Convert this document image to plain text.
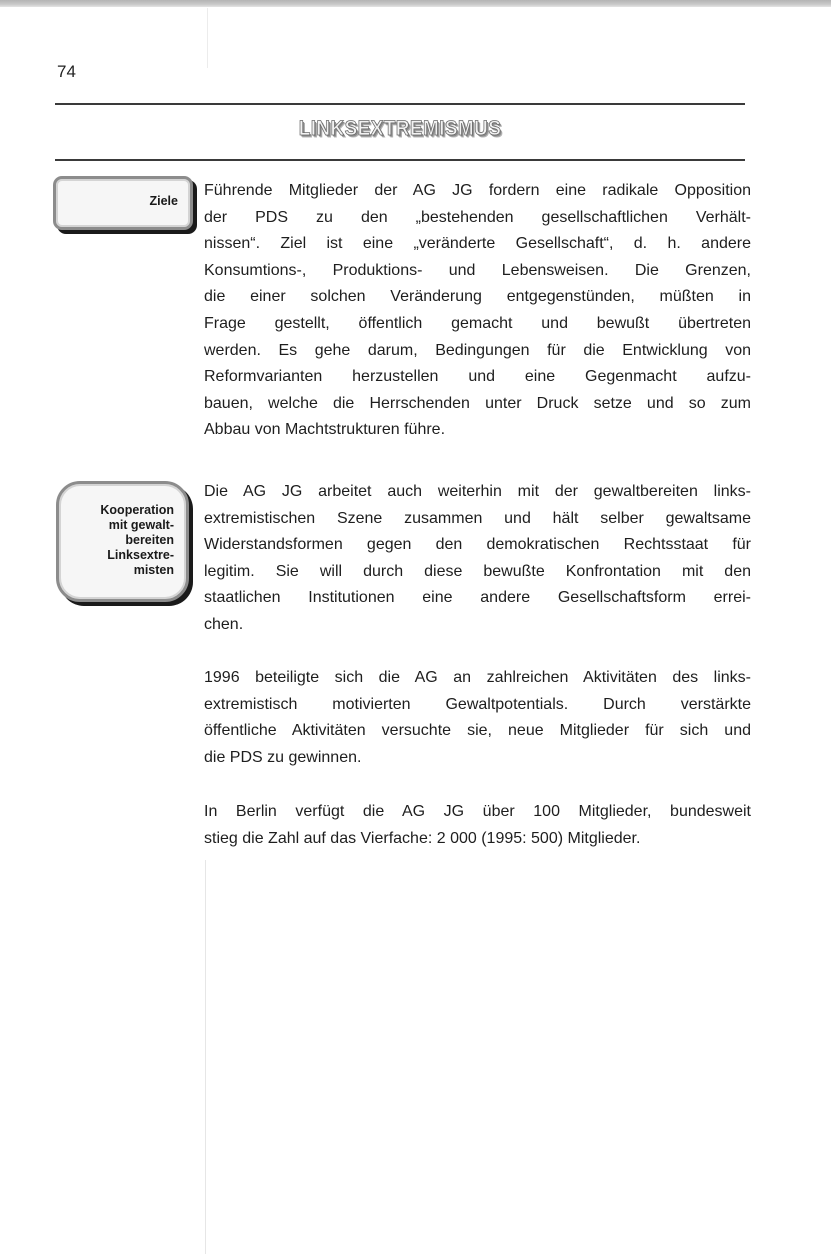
74
LINKSEXTREMISMUS
Ziele
Kooperation
mit gewalt-
bereiten
Linksextre-
misten
Führende Mitglieder der AG JG fordern eine radikale Opposition
der PDS zu den „bestehenden gesellschaftlichen Verhält-
nissen“. Ziel ist eine „veränderte Gesellschaft“, d. h. andere
Konsumtions-, Produktions- und Lebensweisen. Die Grenzen,
die einer solchen Veränderung entgegenstünden, müßten in
Frage gestellt, öffentlich gemacht und bewußt übertreten
werden. Es gehe darum, Bedingungen für die Entwicklung von
Reformvarianten herzustellen und eine Gegenmacht aufzu-
bauen, welche die Herrschenden unter Druck setze und so zum
Abbau von Machtstrukturen führe.
Die AG JG arbeitet auch weiterhin mit der gewaltbereiten links-
extremistischen Szene zusammen und hält selber gewaltsame
Widerstandsformen gegen den demokratischen Rechtsstaat für
legitim. Sie will durch diese bewußte Konfrontation mit den
staatlichen Institutionen eine andere Gesellschaftsform errei-
chen.
1996 beteiligte sich die AG an zahlreichen Aktivitäten des links-
extremistisch motivierten Gewaltpotentials. Durch verstärkte
öffentliche Aktivitäten versuchte sie, neue Mitglieder für sich und
die PDS zu gewinnen.
In Berlin verfügt die AG JG über 100 Mitglieder, bundesweit
stieg die Zahl auf das Vierfache: 2 000 (1995: 500) Mitglieder.
